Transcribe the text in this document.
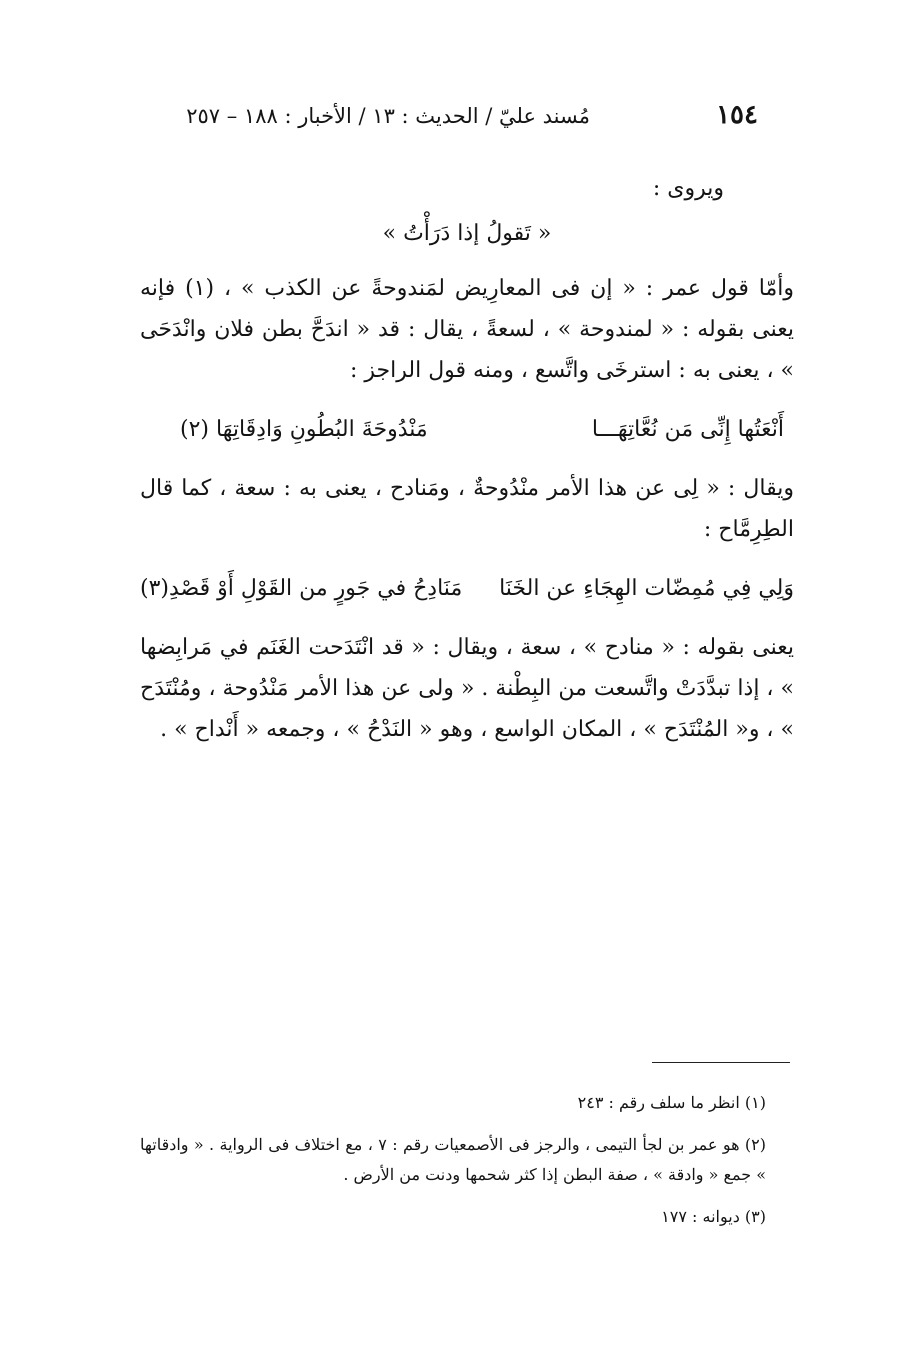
١٥٤
مُسند عليّ / الحديث : ١٣ / الأخبار : ١٨٨ – ٢٥٧

ويروى :

« تَقولُ إذا دَرَأْتُ »

وأمّا قول عمر : « إن فى المعارِيض لمَندوحةً عن الكذب » ، (١) فإنه يعنى بقوله : « لمندوحة » ، لسعةً ، يقال : قد « اندَحَّ بطن فلان وانْدَحَى » ، يعنى به : استرخَى واتَّسع ، ومنه قول الراجز :

أَنْعَتُها إِنِّى مَن نُعَّاتِهَـــا
مَنْدُوحَةَ البُطُونِ وَادِقَاتِهَا (٢)

ويقال : « لِى عن هذا الأمر منْدُوحةٌ ، ومَنادح ، يعنى به : سعة ، كما قال الطِرِمَّاح :

وَلِي فِي مُمِضّات الهِجَاءِ عن الخَنَا
مَنَادِحُ في جَورٍ من القَوْلِ أَوْ قَصْدِ(٣)

يعنى بقوله : « منادح » ، سعة ، ويقال : « قد انْتَدَحت الغَنَم في مَرابِضها » ، إذا تبدَّدَتْ واتَّسعت من البِطْنة . « ولى عن هذا الأمر مَنْدُوحة ، ومُنْتَدَح » ، و« المُنْتَدَح » ، المكان الواسع ، وهو « النَدْحُ » ، وجمعه « أَنْداح » .

(١) انظر ما سلف رقم : ٢٤٣

(٢) هو عمر بن لجأ التيمى ، والرجز فى الأصمعيات رقم : ٧ ، مع اختلاف فى الرواية . « وادقاتها » جمع « وادقة » ، صفة البطن إذا كثر شحمها ودنت من الأرض .

(٣) ديوانه : ١٧٧
